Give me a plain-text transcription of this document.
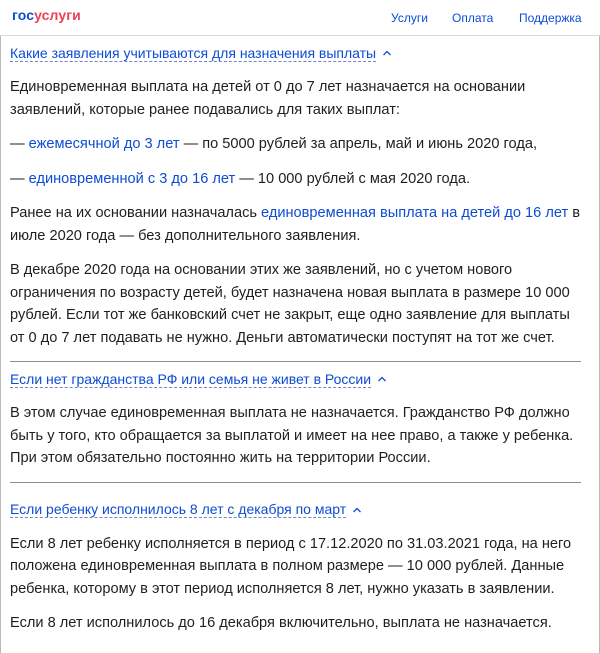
госуслуги	Услуги Оплата Поддержка
Какие заявления учитываются для назначения выплаты

Единовременная выплата на детей от 0 до 7 лет назначается на основании заявлений, которые ранее подавались для таких выплат:

— ежемесячной до 3 лет — по 5000 рублей за апрель, май и июнь 2020 года,

— единовременной с 3 до 16 лет — 10 000 рублей с мая 2020 года.

Ранее на их основании назначалась единовременная выплата на детей до 16 лет в июле 2020 года — без дополнительного заявления.

В декабре 2020 года на основании этих же заявлений, но с учетом нового ограничения по возрасту детей, будет назначена новая выплата в размере 10 000 рублей. Если тот же банковский счет не закрыт, еще одно заявление для выплаты от 0 до 7 лет подавать не нужно. Деньги автоматически поступят на тот же счет.

Если нет гражданства РФ или семья не живет в России

В этом случае единовременная выплата не назначается. Гражданство РФ должно быть у того, кто обращается за выплатой и имеет на нее право, а также у ребенка. При этом обязательно постоянно жить на территории России.

Если ребенку исполнилось 8 лет с декабря по март

Если 8 лет ребенку исполняется в период с 17.12.2020 по 31.03.2021 года, на него положена единовременная выплата в полном размере — 10 000 рублей. Данные ребенка, которому в этот период исполняется 8 лет, нужно указать в заявлении.

Если 8 лет исполнилось до 16 декабря включительно, выплата не назначается.
